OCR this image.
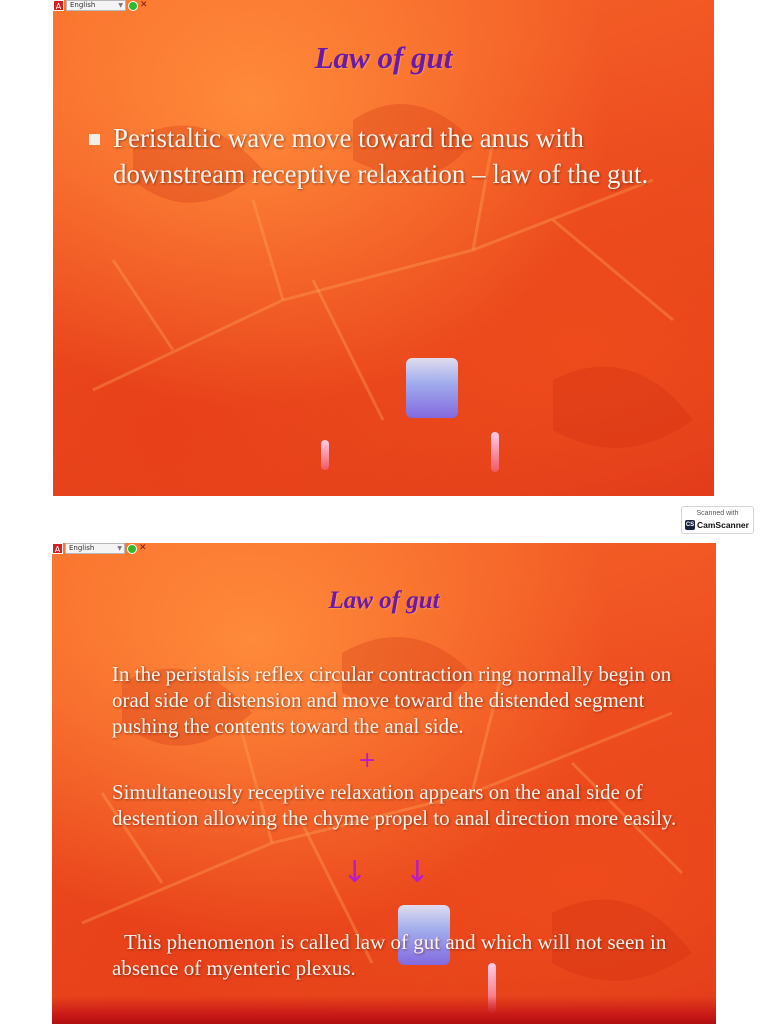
A	English	▼ ✕
Law of gut
Peristaltic wave move toward the anus with downstream receptive relaxation – law of the gut.
Scanned with
CS CamScanner
A	English	▼ ✕
Law of gut
In the peristalsis reflex circular contraction ring normally begin on orad side of distension and move toward the distended segment pushing the contents toward the anal side.
+
Simultaneously receptive relaxation appears on the anal side of destention allowing the chyme propel to anal direction more easily.
↓ ↓
This phenomenon is called law of gut and which will not seen in absence of myenteric plexus.
